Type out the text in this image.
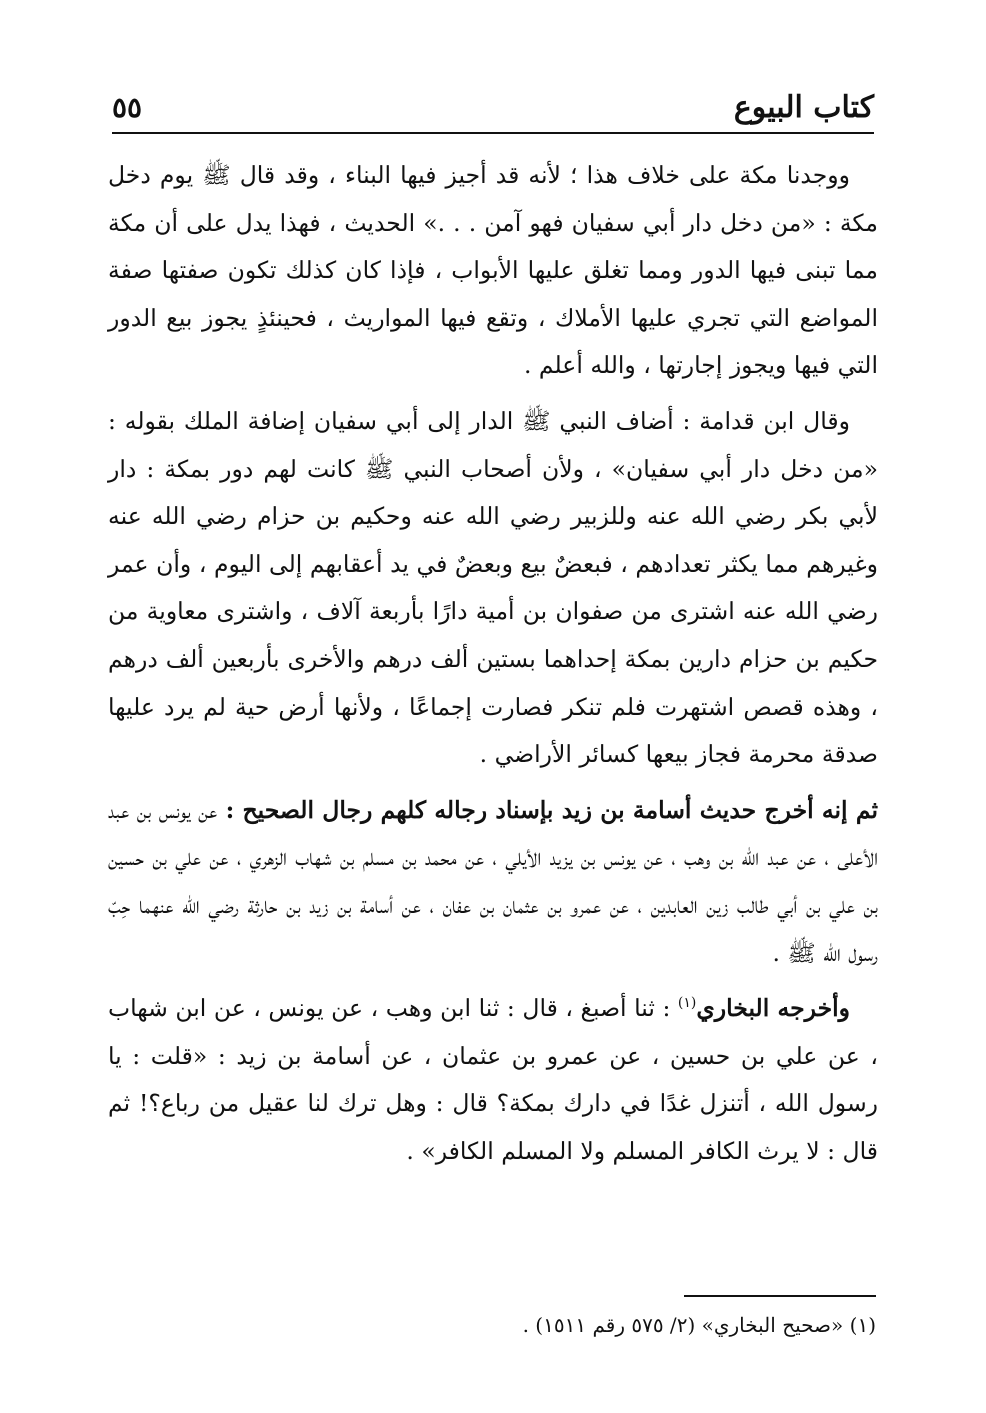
كتاب البيوع
٥٥

ووجدنا مكة على خلاف هذا ؛ لأنه قد أجيز فيها البناء ، وقد قال ﷺ يوم دخل مكة : «من دخل دار أبي سفيان فهو آمن . . .» الحديث ، فهذا يدل على أن مكة مما تبنى فيها الدور ومما تغلق عليها الأبواب ، فإذا كان كذلك تكون صفتها صفة المواضع التي تجري عليها الأملاك ، وتقع فيها المواريث ، فحينئذٍ يجوز بيع الدور التي فيها ويجوز إجارتها ، والله أعلم .

وقال ابن قدامة : أضاف النبي ﷺ الدار إلى أبي سفيان إضافة الملك بقوله : «من دخل دار أبي سفيان» ، ولأن أصحاب النبي ﷺ كانت لهم دور بمكة : دار لأبي بكر رضي الله عنه وللزبير رضي الله عنه وحكيم بن حزام رضي الله عنه وغيرهم مما يكثر تعدادهم ، فبعضٌ بيع وبعضٌ في يد أعقابهم إلى اليوم ، وأن عمر رضي الله عنه اشترى من صفوان بن أمية دارًا بأربعة آلاف ، واشترى معاوية من حكيم بن حزام دارين بمكة إحداهما بستين ألف درهم والأخرى بأربعين ألف درهم ، وهذه قصص اشتهرت فلم تنكر فصارت إجماعًا ، ولأنها أرض حية لم يرد عليها صدقة محرمة فجاز بيعها كسائر الأراضي .

ثم إنه أخرج حديث أسامة بن زيد بإسناد رجاله كلهم رجال الصحيح : عن يونس بن عبد الأعلى ، عن عبد الله بن وهب ، عن يونس بن يزيد الأيلي ، عن محمد بن مسلم بن شهاب الزهري ، عن علي بن حسين بن علي بن أبي طالب زين العابدين ، عن عمرو بن عثمان بن عفان ، عن أسامة بن زيد بن حارثة رضي الله عنهما حِبّ رسول الله ﷺ .

وأخرجه البخاري$^{(١)}$ : ثنا أصبغ ، قال : ثنا ابن وهب ، عن يونس ، عن ابن شهاب ، عن علي بن حسين ، عن عمرو بن عثمان ، عن أسامة بن زيد : «قلت : يا رسول الله ، أتنزل غدًا في دارك بمكة؟ قال : وهل ترك لنا عقيل من رباع؟! ثم قال : لا يرث الكافر المسلم ولا المسلم الكافر» .

(١) «صحيح البخاري» (٢/ ٥٧٥ رقم ١٥١١) .
